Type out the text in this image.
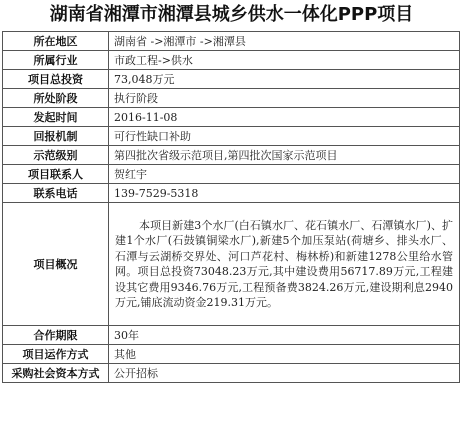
湖南省湘潭市湘潭县城乡供水一体化PPP项目
所在地区	湖南省 ->湘潭市 ->湘潭县
所属行业	市政工程->供水
项目总投资	73,048万元
所处阶段	执行阶段
发起时间	2016-11-08
回报机制	可行性缺口补助
示范级别	第四批次省级示范项目,第四批次国家示范项目
项目联系人	贺红宇
联系电话	139-7529-5318
项目概况	本项目新建3个水厂(白石镇水厂、花石镇水厂、石潭镇水厂)、扩建1个水厂(石鼓镇铜梁水厂),新建5个加压泵站(荷塘乡、排头水厂、石潭与云湖桥交界处、河口芦花村、梅林桥)和新建1278公里给水管网。项目总投资73048.23万元,其中建设费用56717.89万元,工程建设其它费用9346.76万元,工程预备费3824.26万元,建设期利息2940万元,铺底流动资金219.31万元。
合作期限	30年
项目运作方式	其他
采购社会资本方式	公开招标
